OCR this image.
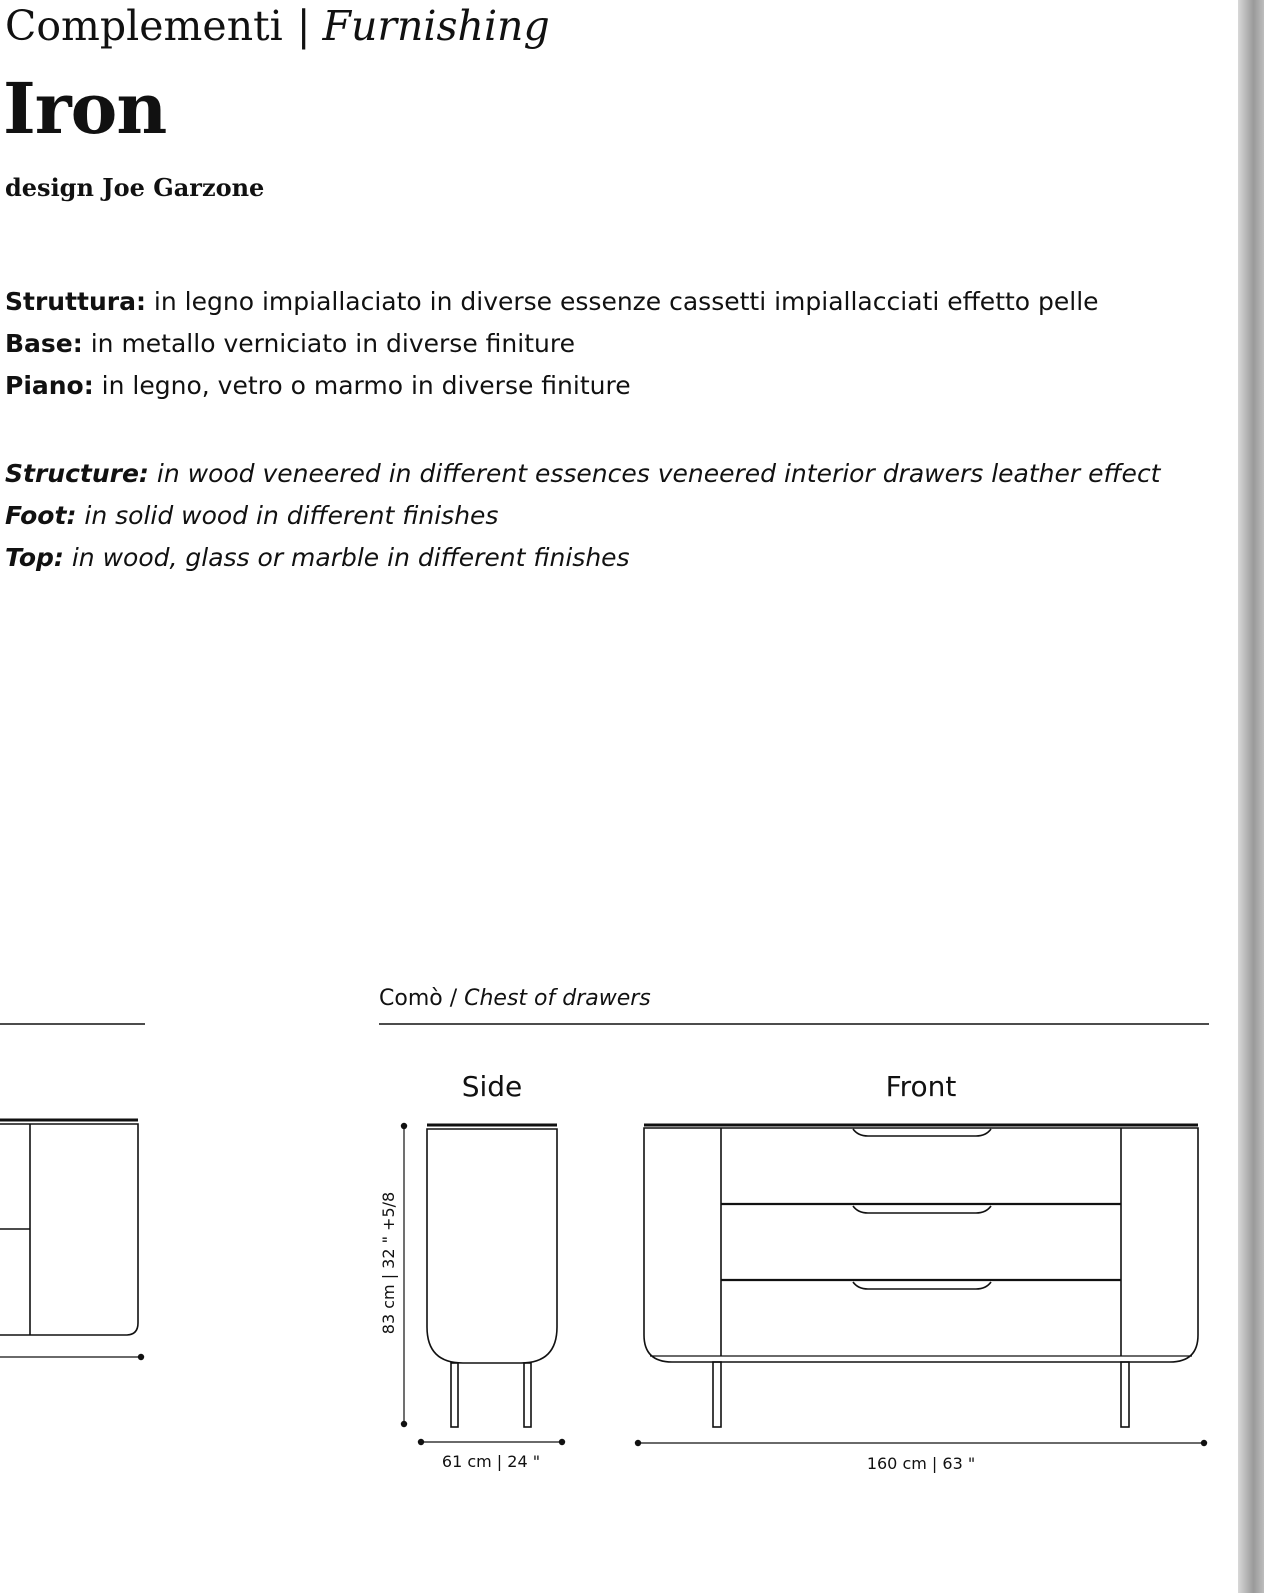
Complementi | Furnishing
Iron
design Joe Garzone
Struttura: in legno impiallaciato in diverse essenze cassetti impiallacciati effetto pelle
Base: in metallo verniciato in diverse finiture
Piano: in legno, vetro o marmo in diverse finiture
Structure: in wood veneered in different essences veneered interior drawers leather effect
Foot: in solid wood in different finishes
Top: in wood, glass or marble in different finishes
Comò / Chest of drawers
Side	Front
83 cm | 32 " +5/8
61 cm | 24 "	160 cm | 63 "
